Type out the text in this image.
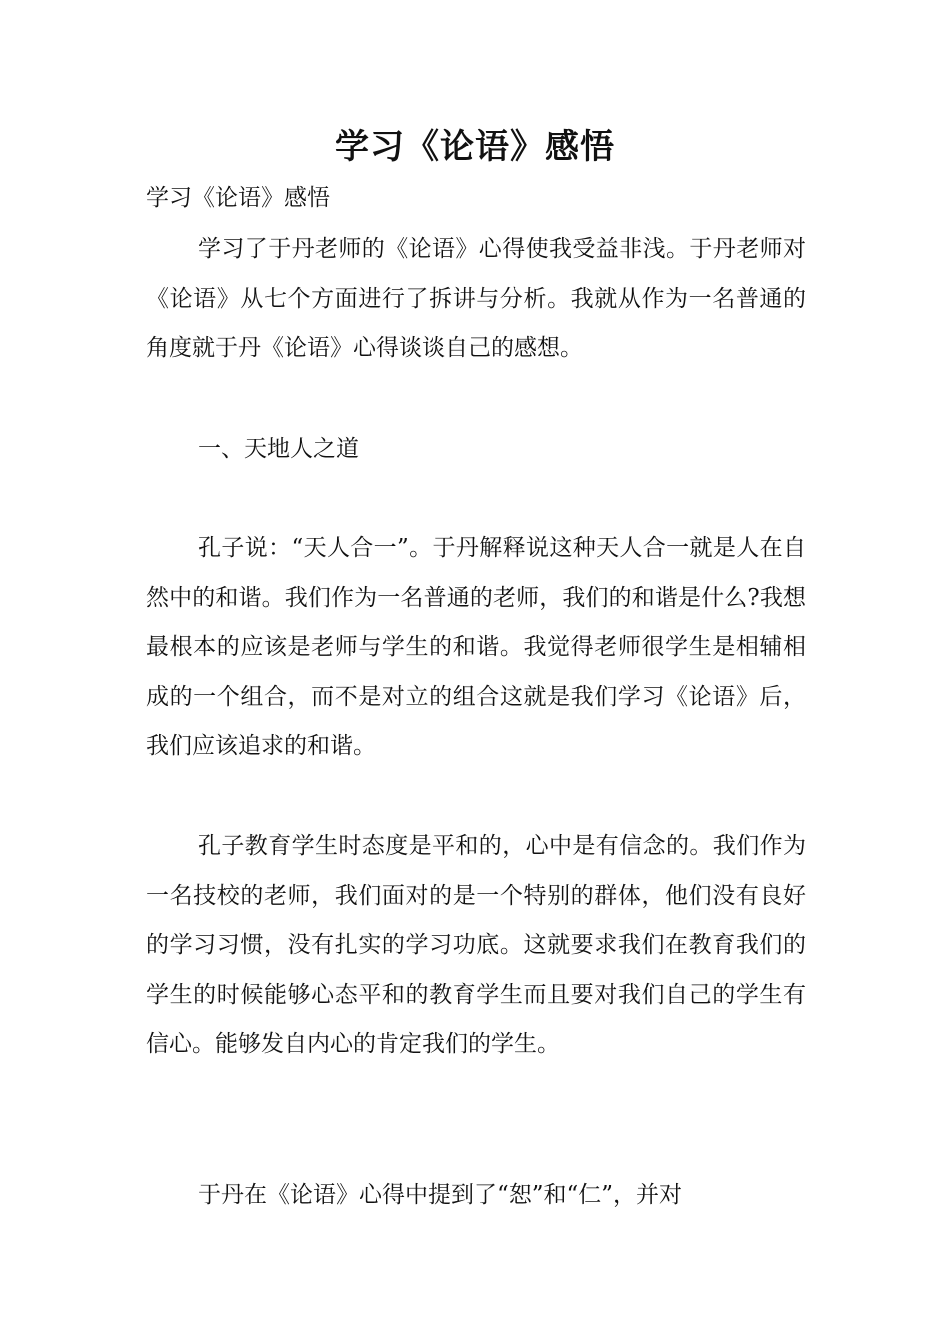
学习《论语》感悟
学习《论语》感悟

学习了于丹老师的《论语》心得使我受益非浅。于丹老师对《论语》从七个方面进行了拆讲与分析。我就从作为一名普通的角度就于丹《论语》心得谈谈自己的感想。

一、天地人之道

孔子说：“天人合一”。于丹解释说这种天人合一就是人在自然中的和谐。我们作为一名普通的老师，我们的和谐是什么?我想最根本的应该是老师与学生的和谐。我觉得老师很学生是相辅相成的一个组合，而不是对立的组合这就是我们学习《论语》后，我们应该追求的和谐。

孔子教育学生时态度是平和的，心中是有信念的。我们作为一名技校的老师，我们面对的是一个特别的群体，他们没有良好的学习习惯，没有扎实的学习功底。这就要求我们在教育我们的学生的时候能够心态平和的教育学生而且要对我们自己的学生有信心。能够发自内心的肯定我们的学生。

于丹在《论语》心得中提到了“恕”和“仁”，并对
